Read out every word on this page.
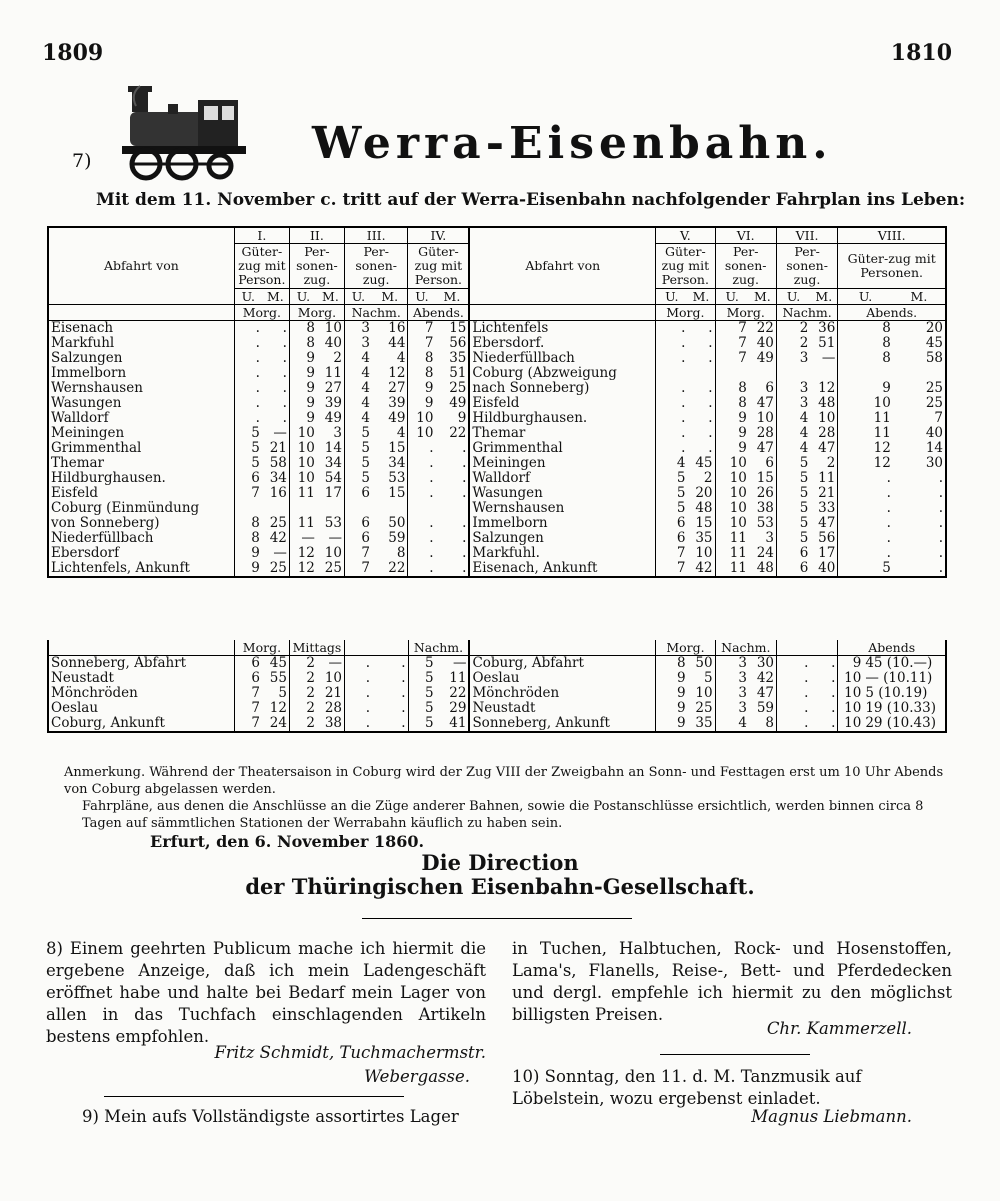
1809	1810
7)	Werra-Eisenbahn.
Mit dem 11. November c. tritt auf der Werra-Eisenbahn nachfolgender Fahrplan ins Leben:
Abfahrt von	I.		II.		III.		IV.		Abfahrt von	V.		VI.		VII.		VIII.	
	Güter-zug mit Person.		Per-sonen-zug.		Per-sonen-zug.		Güter-zug mit Person.			Güter-zug mit Person.		Per-sonen-zug.		Per-sonen-zug.		Güter-zug mit Personen.	
	U.	M.	U.	M.	U.	M.	U.	M.		U.	M.	U.	M.	U.	M.	U.	M.
	Morg.		Morg.		Nachm.		Abends.			Morg.		Morg.		Nachm.		Abends.	
Eisenach	.	.	8	10	3	16	7	15	Lichtenfels	.	.	7	22	2	36	8	20
Markfuhl	.	.	8	40	3	44	7	56	Ebersdorf.	.	.	7	40	2	51	8	45
Salzungen	.	.	9	2	4	4	8	35	Niederfüllbach	.	.	7	49	3	—	8	58
Immelborn	.	.	9	11	4	12	8	51	Coburg (Abzweigung								
Wernshausen	.	.	9	27	4	27	9	25	nach Sonneberg)	.	.	8	6	3	12	9	25
Wasungen	.	.	9	39	4	39	9	49	Eisfeld	.	.	8	47	3	48	10	25
Walldorf	.	.	9	49	4	49	10	9	Hildburghausen.	.	.	9	10	4	10	11	7
Meiningen	5	—	10	3	5	4	10	22	Themar	.	.	9	28	4	28	11	40
Grimmenthal	5	21	10	14	5	15	.	.	Grimmenthal	.	.	9	47	4	47	12	14
Themar	5	58	10	34	5	34	.	.	Meiningen	4	45	10	6	5	2	12	30
Hildburghausen.	6	34	10	54	5	53	.	.	Walldorf	5	2	10	15	5	11	.	.
Eisfeld	7	16	11	17	6	15	.	.	Wasungen	5	20	10	26	5	21	.	.
Coburg (Einmündung									Wernshausen	5	48	10	38	5	33	.	.
von Sonneberg)	8	25	11	53	6	50	.	.	Immelborn	6	15	10	53	5	47	.	.
Niederfüllbach	8	42	—	—	6	59	.	.	Salzungen	6	35	11	3	5	56	.	.
Ebersdorf	9	—	12	10	7	8	.	.	Markfuhl.	7	10	11	24	6	17	.	.
Lichtenfels, Ankunft	9	25	12	25	7	22	.	.	Eisenach, Ankunft	7	42	11	48	6	40	5	.
	Morg.		Mittags				Nachm.			Morg.		Nachm.				Abends	
Sonneberg, Abfahrt	6	45	2	—	.	.	5	—	Coburg, Abfahrt	8	50	3	30	.	.	9	45 (10.—)
Neustadt	6	55	2	10	.	.	5	11	Oeslau	9	5	3	42	.	.	10	— (10.11)
Mönchröden	7	5	2	21	.	.	5	22	Mönchröden	9	10	3	47	.	.	10	5 (10.19)
Oeslau	7	12	2	28	.	.	5	29	Neustadt	9	25	3	59	.	.	10	19 (10.33)
Coburg, Ankunft	7	24	2	38	.	.	5	41	Sonneberg, Ankunft	9	35	4	8	.	.	10	29 (10.43)
Anmerkung. Während der Theatersaison in Coburg wird der Zug VIII der Zweigbahn an Sonn- und Festtagen erst um 10 Uhr Abends von Coburg abgelassen werden.
Fahrpläne, aus denen die Anschlüsse an die Züge anderer Bahnen, sowie die Postanschlüsse ersichtlich, werden binnen circa 8 Tagen auf sämmtlichen Stationen der Werrabahn käuflich zu haben sein.
Erfurt, den 6. November 1860.
Die Direction
der Thüringischen Eisenbahn-Gesellschaft.
8) Einem geehrten Publicum mache ich hiermit die ergebene Anzeige, daß ich mein Ladengeschäft eröffnet habe und halte bei Bedarf mein Lager von allen in das Tuchfach einschlagenden Artikeln bestens empfohlen.
Fritz Schmidt, Tuchmachermstr.
Webergasse.
9) Mein aufs Vollständigste assortirtes Lager
in Tuchen, Halbtuchen, Rock- und Hosenstoffen, Lama's, Flanells, Reise-, Bett- und Pferdedecken und dergl. empfehle ich hiermit zu den möglichst billigsten Preisen.
Chr. Kammerzell.
10) Sonntag, den 11. d. M. Tanzmusik auf Löbelstein, wozu ergebenst einladet.
Magnus Liebmann.
